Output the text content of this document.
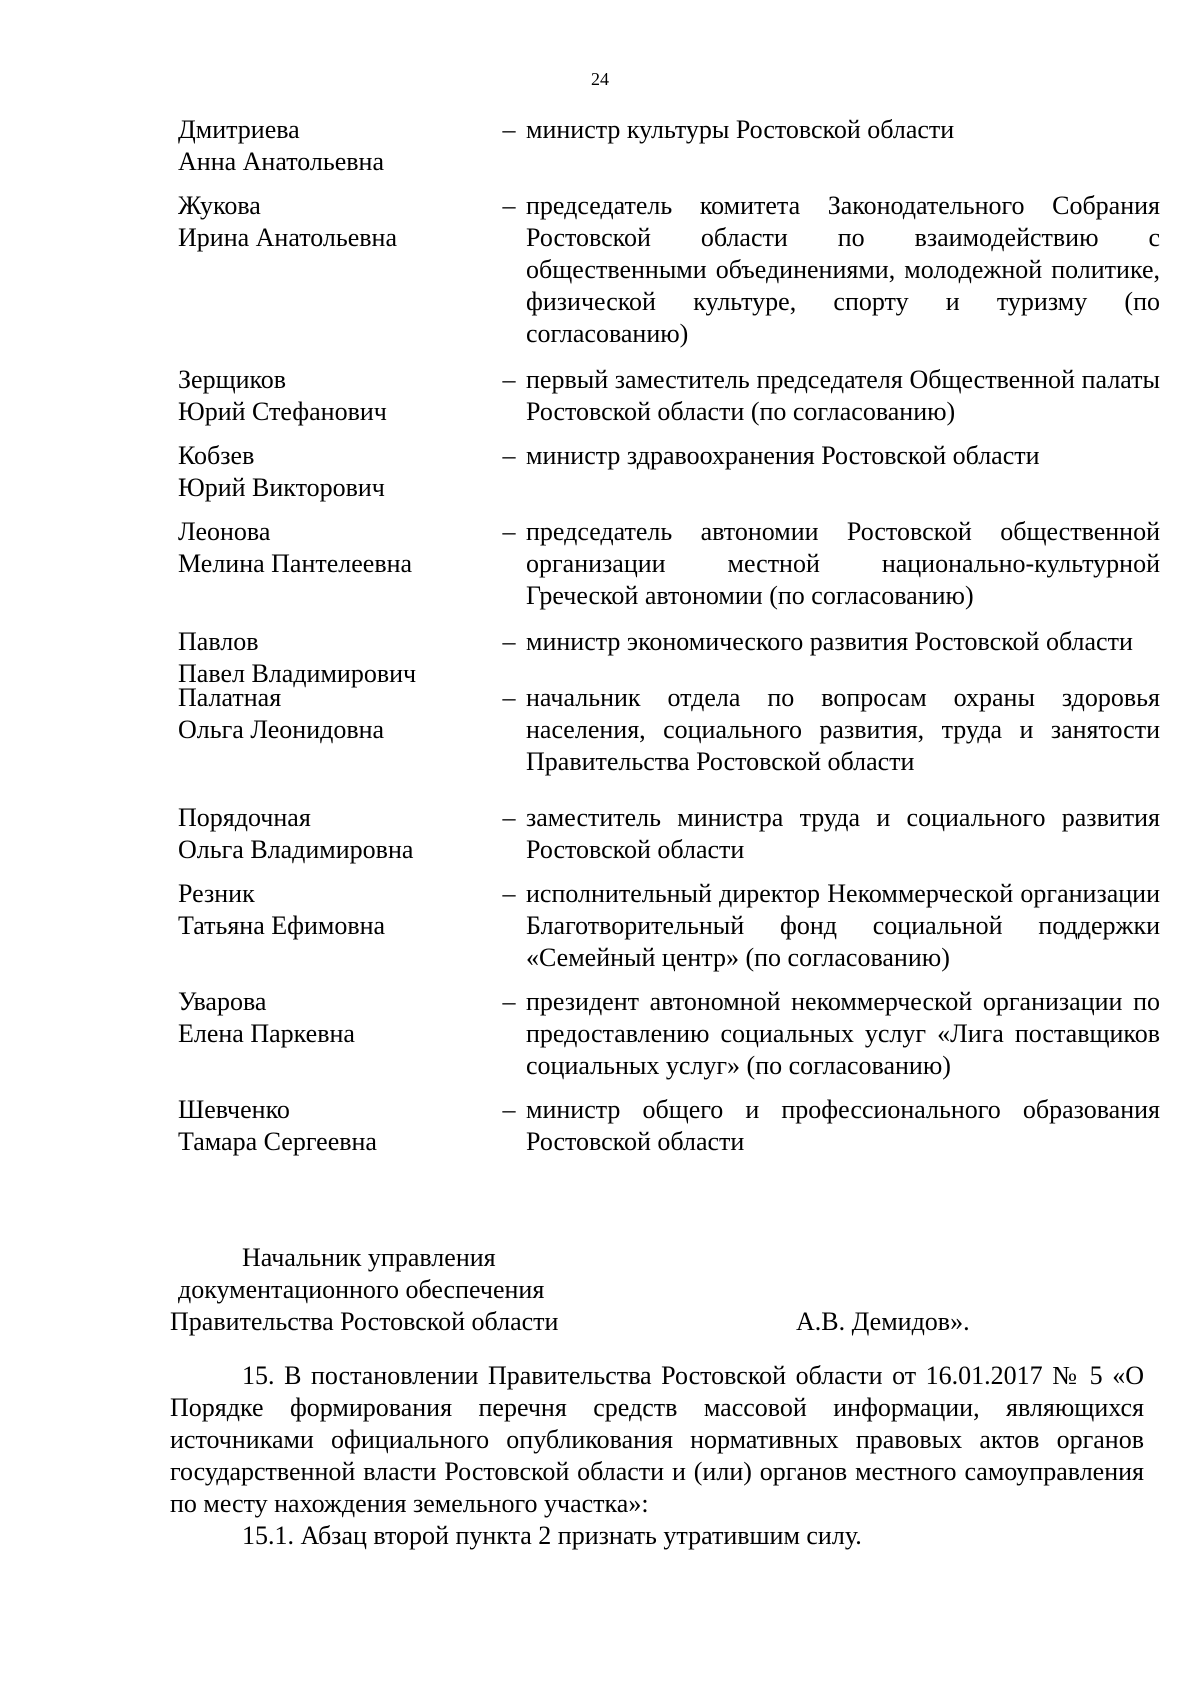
24
Дмитриева
Анна Анатольевна
– министр культуры Ростовской области
Жукова
Ирина Анатольевна
– председатель комитета Законодательного Собрания Ростовской области по взаимодействию с общественными объединениями, молодежной политике, физической культуре, спорту и туризму (по согласованию)
Зерщиков
Юрий Стефанович
– первый заместитель председателя Общественной палаты Ростовской области (по согласованию)
Кобзев
Юрий Викторович
– министр здравоохранения Ростовской области
Леонова
Мелина Пантелеевна
– председатель автономии Ростовской общественной организации местной национально-культурной Греческой автономии (по согласованию)
Павлов
Павел Владимирович
– министр экономического развития Ростовской области
Палатная
Ольга Леонидовна
– начальник отдела по вопросам охраны здоровья населения, социального развития, труда и занятости Правительства Ростовской области
Порядочная
Ольга Владимировна
– заместитель министра труда и социального развития Ростовской области
Резник
Татьяна Ефимовна
– исполнительный директор Некоммерческой организации Благотворительный фонд социальной поддержки «Семейный центр» (по согласованию)
Уварова
Елена Паркевна
– президент автономной некоммерческой организации по предоставлению социальных услуг «Лига поставщиков социальных услуг» (по согласованию)
Шевченко
Тамара Сергеевна
– министр общего и профессионального образования Ростовской области
Начальник управления
документационного обеспечения
Правительства Ростовской области	А.В. Демидов».

15. В постановлении Правительства Ростовской области от 16.01.2017 № 5 «О Порядке формирования перечня средств массовой информации, являющихся источниками официального опубликования нормативных правовых актов органов государственной власти Ростовской области и (или) органов местного самоуправления по месту нахождения земельного участка»:

15.1. Абзац второй пункта 2 признать утратившим силу.
